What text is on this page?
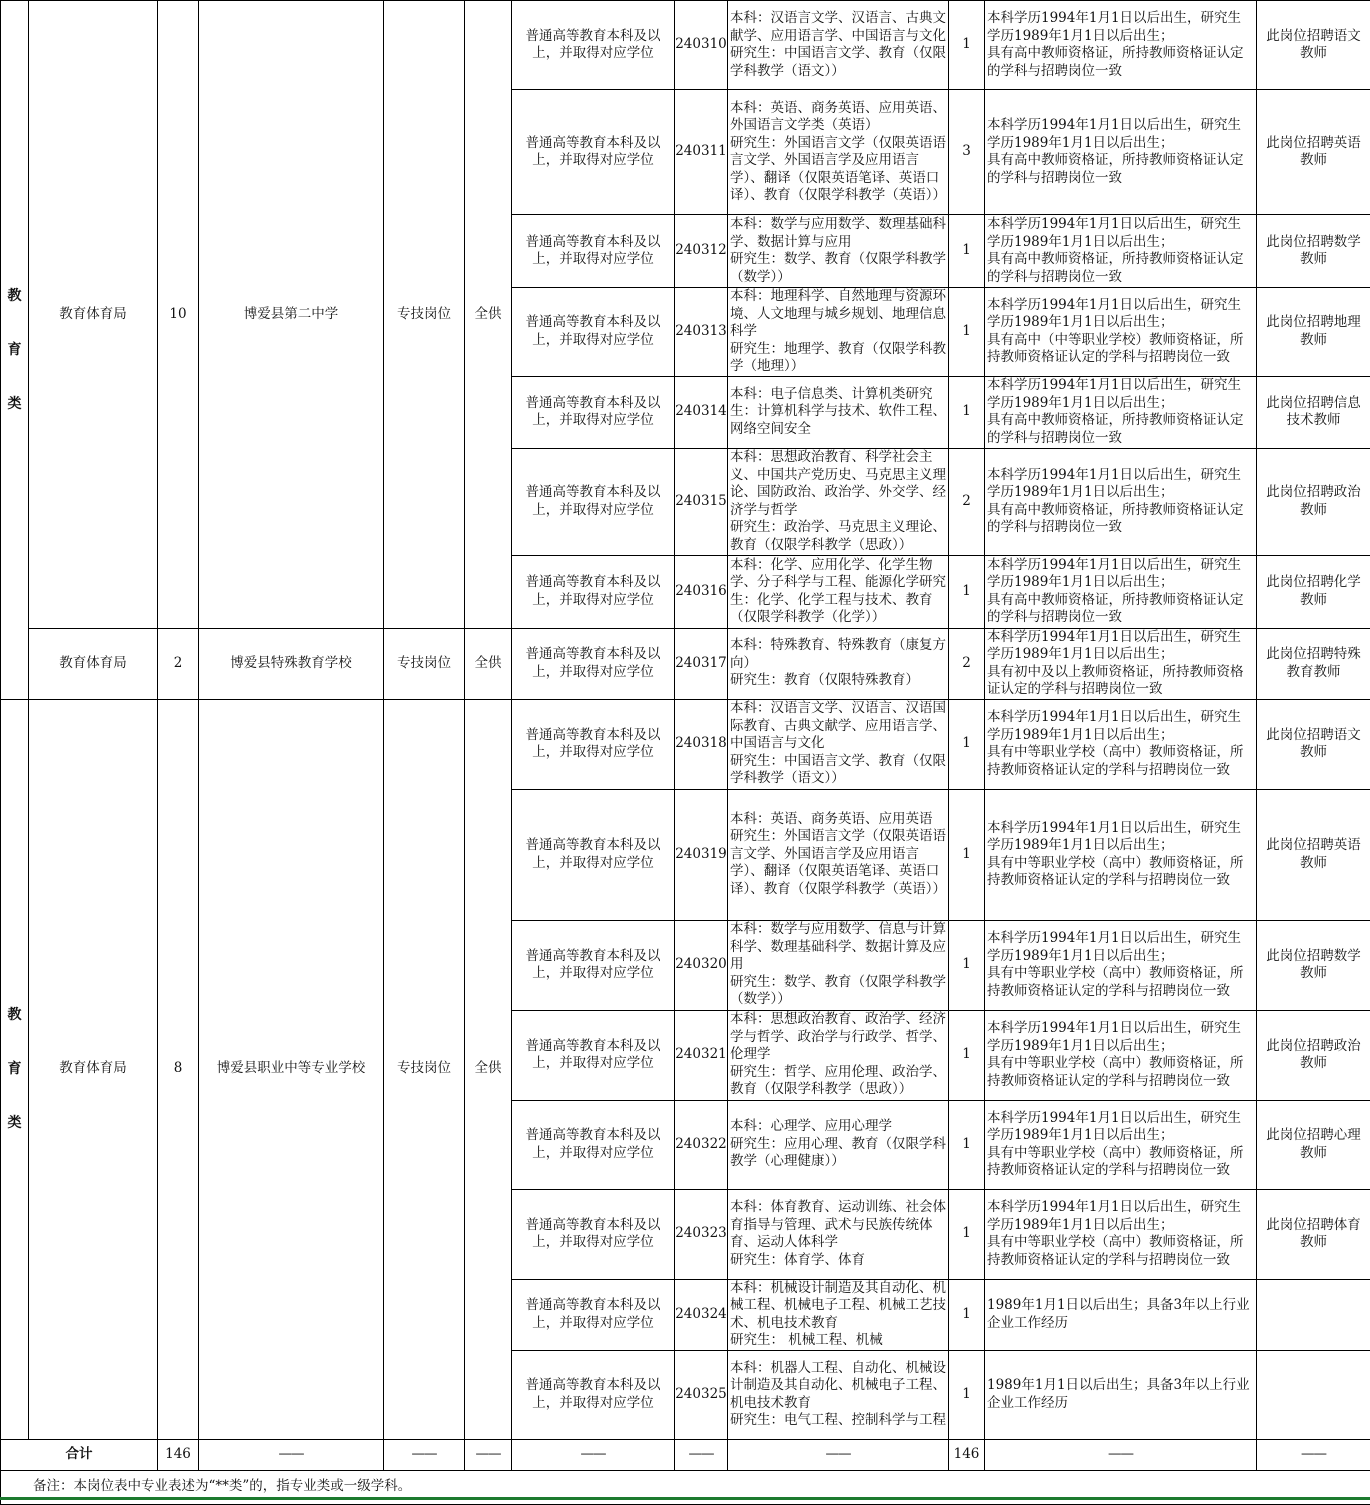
教
育
类	教育体育局	10	博爱县第二中学	专技岗位	全供	普通高等教育本科及以上，并取得对应学位	240310	本科：汉语言文学、汉语言、古典文献学、应用语言学、中国语言与文化
研究生：中国语言文学、教育（仅限学科教学（语文））	1	本科学历1994年1月1日以后出生，研究生学历1989年1月1日以后出生；
具有高中教师资格证，所持教师资格证认定的学科与招聘岗位一致	此岗位招聘语文教师
						普通高等教育本科及以上，并取得对应学位	240311	本科：英语、商务英语、应用英语、外国语言文学类（英语）
研究生：外国语言文学（仅限英语语言文学、外国语言学及应用语言学）、翻译（仅限英语笔译、英语口译）、教育（仅限学科教学（英语））	3	本科学历1994年1月1日以后出生，研究生学历1989年1月1日以后出生；
具有高中教师资格证，所持教师资格证认定的学科与招聘岗位一致	此岗位招聘英语教师
						普通高等教育本科及以上，并取得对应学位	240312	本科：数学与应用数学、数理基础科学、数据计算与应用
研究生：数学、教育（仅限学科教学（数学））	1	本科学历1994年1月1日以后出生，研究生学历1989年1月1日以后出生；
具有高中教师资格证，所持教师资格证认定的学科与招聘岗位一致	此岗位招聘数学教师
						普通高等教育本科及以上，并取得对应学位	240313	本科：地理科学、自然地理与资源环境、人文地理与城乡规划、地理信息科学
研究生：地理学、教育（仅限学科教学（地理））	1	本科学历1994年1月1日以后出生，研究生学历1989年1月1日以后出生；
具有高中（中等职业学校）教师资格证，所持教师资格证认定的学科与招聘岗位一致	此岗位招聘地理教师
						普通高等教育本科及以上，并取得对应学位	240314	本科：电子信息类、计算机类研究生：计算机科学与技术、软件工程、网络空间安全	1	本科学历1994年1月1日以后出生，研究生学历1989年1月1日以后出生；
具有高中教师资格证，所持教师资格证认定的学科与招聘岗位一致	此岗位招聘信息技术教师
						普通高等教育本科及以上，并取得对应学位	240315	本科：思想政治教育、科学社会主义、中国共产党历史、马克思主义理论、国防政治、政治学、外交学、经济学与哲学
研究生：政治学、马克思主义理论、教育（仅限学科教学（思政））	2	本科学历1994年1月1日以后出生，研究生学历1989年1月1日以后出生；
具有高中教师资格证，所持教师资格证认定的学科与招聘岗位一致	此岗位招聘政治教师
						普通高等教育本科及以上，并取得对应学位	240316	本科：化学、应用化学、化学生物学、分子科学与工程、能源化学研究生：化学、化学工程与技术、教育（仅限学科教学（化学））	1	本科学历1994年1月1日以后出生，研究生学历1989年1月1日以后出生；
具有高中教师资格证，所持教师资格证认定的学科与招聘岗位一致	此岗位招聘化学教师
	教育体育局	2	博爱县特殊教育学校	专技岗位	全供	普通高等教育本科及以上，并取得对应学位	240317	本科：特殊教育、特殊教育（康复方向）
研究生：教育（仅限特殊教育）	2	本科学历1994年1月1日以后出生，研究生学历1989年1月1日以后出生；
具有初中及以上教师资格证，所持教师资格证认定的学科与招聘岗位一致	此岗位招聘特殊教育教师

教
育
类	教育体育局	8	博爱县职业中等专业学校	专技岗位	全供	普通高等教育本科及以上，并取得对应学位	240318	本科：汉语言文学、汉语言、汉语国际教育、古典文献学、应用语言学、中国语言与文化
研究生：中国语言文学、教育（仅限学科教学（语文））	1	本科学历1994年1月1日以后出生，研究生学历1989年1月1日以后出生；
具有中等职业学校（高中）教师资格证，所持教师资格证认定的学科与招聘岗位一致	此岗位招聘语文教师
						普通高等教育本科及以上，并取得对应学位	240319	本科：英语、商务英语、应用英语
研究生：外国语言文学（仅限英语语言文学、外国语言学及应用语言学）、翻译（仅限英语笔译、英语口译）、教育（仅限学科教学（英语））	1	本科学历1994年1月1日以后出生，研究生学历1989年1月1日以后出生；
具有中等职业学校（高中）教师资格证，所持教师资格证认定的学科与招聘岗位一致	此岗位招聘英语教师
						普通高等教育本科及以上，并取得对应学位	240320	本科：数学与应用数学、信息与计算科学、数理基础科学、数据计算及应用
研究生：数学、教育（仅限学科教学（数学））	1	本科学历1994年1月1日以后出生，研究生学历1989年1月1日以后出生；
具有中等职业学校（高中）教师资格证，所持教师资格证认定的学科与招聘岗位一致	此岗位招聘数学教师
						普通高等教育本科及以上，并取得对应学位	240321	本科：思想政治教育、政治学、经济学与哲学、政治学与行政学、哲学、伦理学
研究生：哲学、应用伦理、政治学、教育（仅限学科教学（思政））	1	本科学历1994年1月1日以后出生，研究生学历1989年1月1日以后出生；
具有中等职业学校（高中）教师资格证，所持教师资格证认定的学科与招聘岗位一致	此岗位招聘政治教师
						普通高等教育本科及以上，并取得对应学位	240322	本科：心理学、应用心理学
研究生：应用心理、教育（仅限学科教学（心理健康））	1	本科学历1994年1月1日以后出生，研究生学历1989年1月1日以后出生；
具有中等职业学校（高中）教师资格证，所持教师资格证认定的学科与招聘岗位一致	此岗位招聘心理教师
						普通高等教育本科及以上，并取得对应学位	240323	本科：体育教育、运动训练、社会体育指导与管理、武术与民族传统体育、运动人体科学
研究生：体育学、体育	1	本科学历1994年1月1日以后出生，研究生学历1989年1月1日以后出生；
具有中等职业学校（高中）教师资格证，所持教师资格证认定的学科与招聘岗位一致	此岗位招聘体育教师
						普通高等教育本科及以上，并取得对应学位	240324	本科：机械设计制造及其自动化、机械工程、机械电子工程、机械工艺技术、机电技术教育
研究生： 机械工程、机械	1	1989年1月1日以后出生；具备3年以上行业企业工作经历	
						普通高等教育本科及以上，并取得对应学位	240325	本科：机器人工程、自动化、机械设计制造及其自动化、机械电子工程、机电技术教育
研究生：电气工程、控制科学与工程	1	1989年1月1日以后出生；具备3年以上行业企业工作经历	
合计		146	——	——	——	——	——	——	146	——	——
备注：本岗位表中专业表述为“**类”的，指专业类或一级学科。											
